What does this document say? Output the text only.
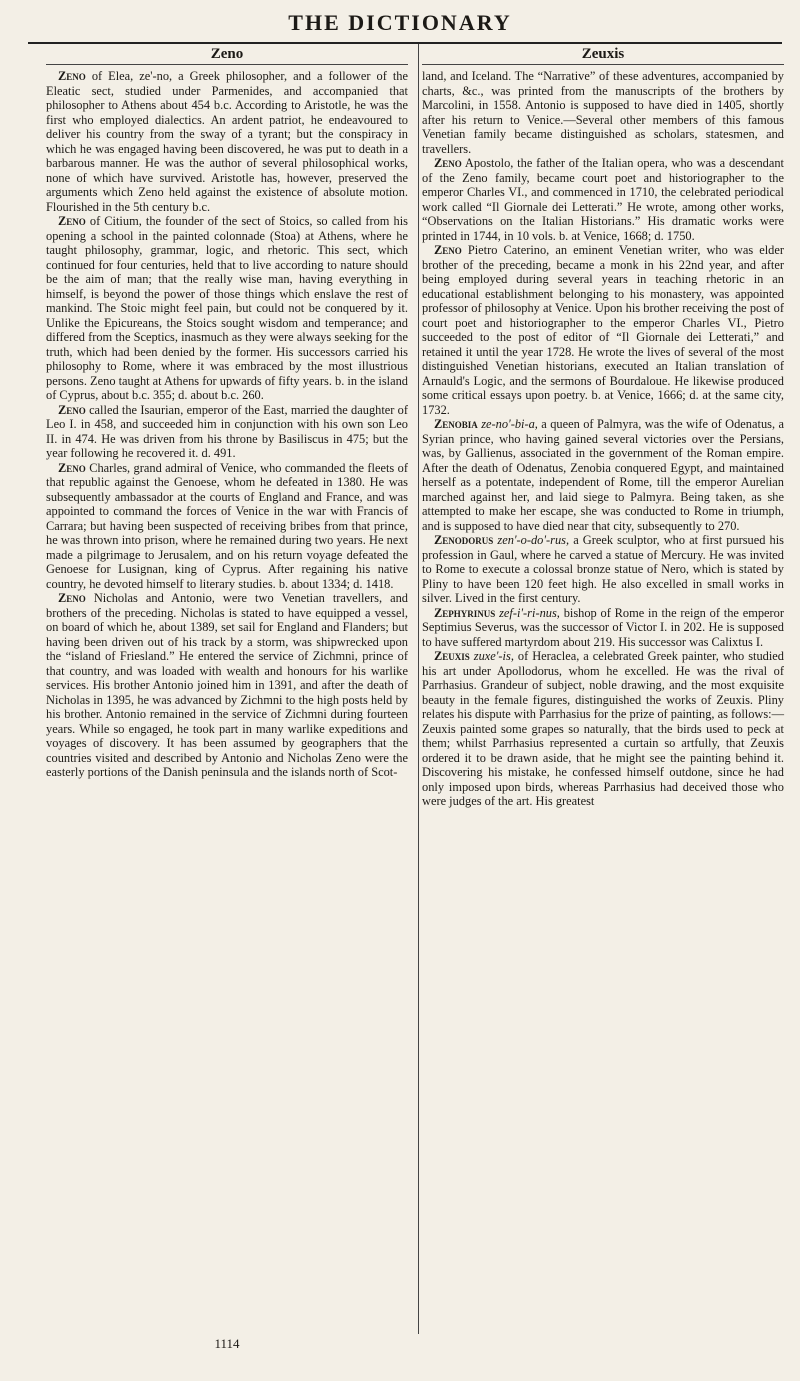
THE DICTIONARY
Zeno

Zeno of Elea, ze'-no, a Greek philosopher, and a follower of the Eleatic sect, studied under Parmenides, and accompanied that philosopher to Athens about 454 b.c. According to Aristotle, he was the first who employed dialectics. An ardent patriot, he endeavoured to deliver his country from the sway of a tyrant; but the conspiracy in which he was engaged having been discovered, he was put to death in a barbarous manner. He was the author of several philosophical works, none of which have survived. Aristotle has, however, preserved the arguments which Zeno held against the existence of absolute motion. Flourished in the 5th century b.c.

Zeno of Citium, the founder of the sect of Stoics, so called from his opening a school in the painted colonnade (Stoa) at Athens, where he taught philosophy, grammar, logic, and rhetoric. This sect, which continued for four centuries, held that to live according to nature should be the aim of man; that the really wise man, having everything in himself, is beyond the power of those things which enslave the rest of mankind. The Stoic might feel pain, but could not be conquered by it. Unlike the Epicureans, the Stoics sought wisdom and temperance; and differed from the Sceptics, inasmuch as they were always seeking for the truth, which had been denied by the former. His successors carried his philosophy to Rome, where it was embraced by the most illustrious persons. Zeno taught at Athens for upwards of fifty years. b. in the island of Cyprus, about b.c. 355; d. about b.c. 260.

Zeno called the Isaurian, emperor of the East, married the daughter of Leo I. in 458, and succeeded him in conjunction with his own son Leo II. in 474. He was driven from his throne by Basiliscus in 475; but the year following he recovered it. d. 491.

Zeno Charles, grand admiral of Venice, who commanded the fleets of that republic against the Genoese, whom he defeated in 1380. He was subsequently ambassador at the courts of England and France, and was appointed to command the forces of Venice in the war with Francis of Carrara; but having been suspected of receiving bribes from that prince, he was thrown into prison, where he remained during two years. He next made a pilgrimage to Jerusalem, and on his return voyage defeated the Genoese for Lusignan, king of Cyprus. After regaining his native country, he devoted himself to literary studies. b. about 1334; d. 1418.

Zeno Nicholas and Antonio, were two Venetian travellers, and brothers of the preceding. Nicholas is stated to have equipped a vessel, on board of which he, about 1389, set sail for England and Flanders; but having been driven out of his track by a storm, was shipwrecked upon the “island of Friesland.” He entered the service of Zichmni, prince of that country, and was loaded with wealth and honours for his warlike services. His brother Antonio joined him in 1391, and after the death of Nicholas in 1395, he was advanced by Zichmni to the high posts held by his brother. Antonio remained in the service of Zichmni during fourteen years. While so engaged, he took part in many warlike expeditions and voyages of discovery. It has been assumed by geographers that the countries visited and described by Antonio and Nicholas Zeno were the easterly portions of the Danish peninsula and the islands north of Scot-

Zeuxis

land, and Iceland. The “Narrative” of these adventures, accompanied by charts, &c., was printed from the manuscripts of the brothers by Marcolini, in 1558. Antonio is supposed to have died in 1405, shortly after his return to Venice.—Several other members of this famous Venetian family became distinguished as scholars, statesmen, and travellers.

Zeno Apostolo, the father of the Italian opera, who was a descendant of the Zeno family, became court poet and historiographer to the emperor Charles VI., and commenced in 1710, the celebrated periodical work called “Il Giornale dei Letterati.” He wrote, among other works, “Observations on the Italian Historians.” His dramatic works were printed in 1744, in 10 vols. b. at Venice, 1668; d. 1750.

Zeno Pietro Caterino, an eminent Venetian writer, who was elder brother of the preceding, became a monk in his 22nd year, and after being employed during several years in teaching rhetoric in an educational establishment belonging to his monastery, was appointed professor of philosophy at Venice. Upon his brother receiving the post of court poet and historiographer to the emperor Charles VI., Pietro succeeded to the post of editor of “Il Giornale dei Letterati,” and retained it until the year 1728. He wrote the lives of several of the most distinguished Venetian historians, executed an Italian translation of Arnauld's Logic, and the sermons of Bourdaloue. He likewise produced some critical essays upon poetry. b. at Venice, 1666; d. at the same city, 1732.

Zenobia ze-no'-bi-a, a queen of Palmyra, was the wife of Odenatus, a Syrian prince, who having gained several victories over the Persians, was, by Gallienus, associated in the government of the Roman empire. After the death of Odenatus, Zenobia conquered Egypt, and maintained herself as a potentate, independent of Rome, till the emperor Aurelian marched against her, and laid siege to Palmyra. Being taken, as she attempted to make her escape, she was conducted to Rome in triumph, and is supposed to have died near that city, subsequently to 270.

Zenodorus zen'-o-do'-rus, a Greek sculptor, who at first pursued his profession in Gaul, where he carved a statue of Mercury. He was invited to Rome to execute a colossal bronze statue of Nero, which is stated by Pliny to have been 120 feet high. He also excelled in small works in silver. Lived in the first century.

Zephyrinus zef-i'-ri-nus, bishop of Rome in the reign of the emperor Septimius Severus, was the successor of Victor I. in 202. He is supposed to have suffered martyrdom about 219. His successor was Calixtus I.

Zeuxis zuxe'-is, of Heraclea, a celebrated Greek painter, who studied his art under Apollodorus, whom he excelled. He was the rival of Parrhasius. Grandeur of subject, noble drawing, and the most exquisite beauty in the female figures, distinguished the works of Zeuxis. Pliny relates his dispute with Parrhasius for the prize of painting, as follows:—Zeuxis painted some grapes so naturally, that the birds used to peck at them; whilst Parrhasius represented a curtain so artfully, that Zeuxis ordered it to be drawn aside, that he might see the painting behind it. Discovering his mistake, he confessed himself outdone, since he had only imposed upon birds, whereas Parrhasius had deceived those who were judges of the art. His greatest

1114
